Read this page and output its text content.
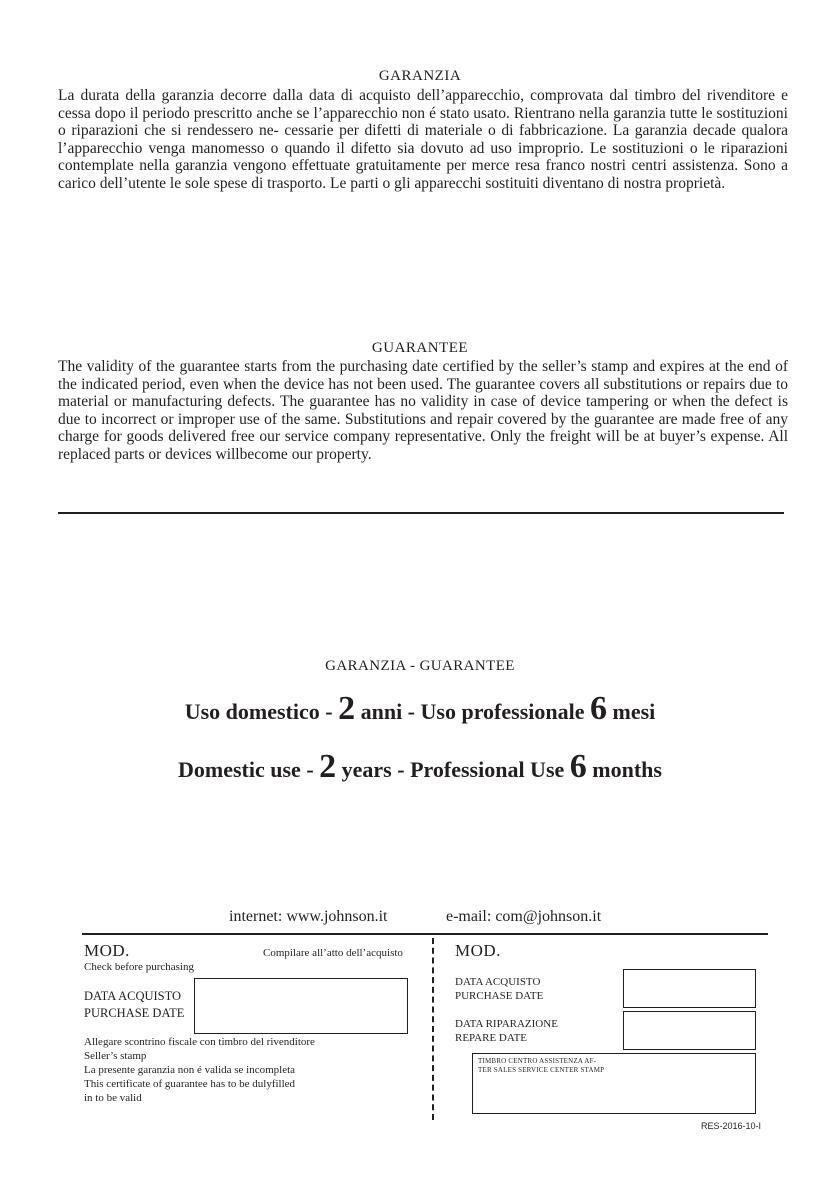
GARANZIA
La durata della garanzia decorre dalla data di acquisto dell’apparecchio, comprovata dal timbro del rivenditore e cessa dopo il periodo prescritto anche se l’apparecchio non é stato usato. Rientrano nella garanzia tutte le sostituzioni o riparazioni che si rendessero ne- cessarie per difetti di materiale o di fabbricazione. La garanzia decade qualora l’apparecchio venga manomesso o quando il difetto sia dovuto ad uso improprio. Le sostituzioni o le riparazioni contemplate nella garanzia vengono effettuate gratuitamente per merce resa franco nostri centri assistenza. Sono a carico dell’utente le sole spese di trasporto. Le parti o gli apparecchi sostituiti diventano di nostra proprietà.
GUARANTEE
The validity of the guarantee starts from the purchasing date certified by the seller’s stamp and expires at the end of the indicated period, even when the device has not been used. The guarantee covers all substitutions or repairs due to material or manufacturing defects. The guarantee has no validity in case of device tampering or when the defect is due to incorrect or improper use of the same. Substitutions and repair covered by the guarantee are made free of any charge for goods delivered free our service company representative. Only the freight will be at buyer’s expense. All replaced parts or devices willbecome our property.
GARANZIA - GUARANTEE
Uso domestico - 2 anni - Uso professionale 6 mesi
Domestic use - 2 years - Professional Use 6 months
internet: www.johnson.it	e-mail: com@johnson.it
MOD.
Check before purchasing
Compilare all’atto dell’acquisto
DATA ACQUISTO
PURCHASE DATE
Allegare scontrino fiscale con timbro del rivenditore
Seller’s stamp
La presente garanzia non é valida se incompleta
This certificate of guarantee has to be dulyfilled
in to be valid
MOD.
DATA ACQUISTO
PURCHASE DATE
DATA RIPARAZIONE
REPARE DATE
TIMBRO CENTRO ASSISTENZA AF-
TER SALES SERVICE CENTER STAMP
RES-2016-10-I
